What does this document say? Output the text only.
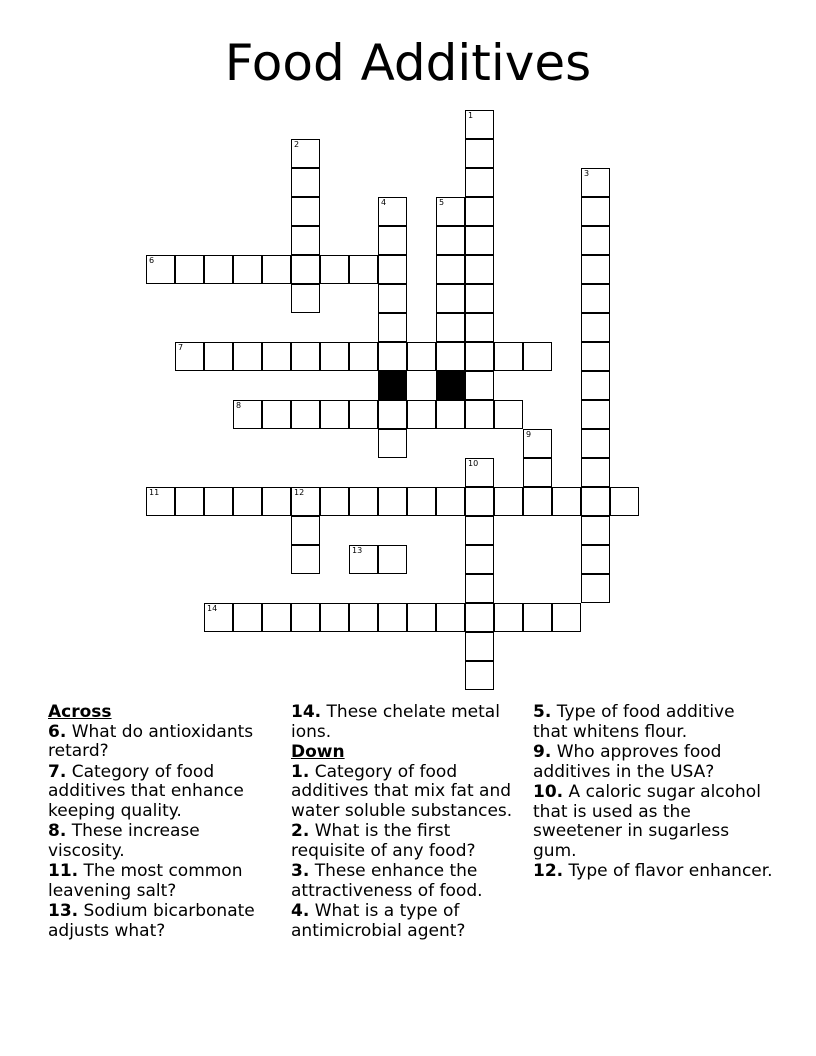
Food Additives
1
2
3
4	5
6
7
8
9
10
11	12
13
14
Across
6. What do antioxidants retard?
7. Category of food additives that enhance keeping quality.
8. These increase viscosity.
11. The most common leavening salt?
13. Sodium bicarbonate adjusts what?
14. These chelate metal ions.
Down
1. Category of food additives that mix fat and water soluble substances.
2. What is the first requisite of any food?
3. These enhance the attractiveness of food.
4. What is a type of antimicrobial agent?
5. Type of food additive that whitens flour.
9. Who approves food additives in the USA?
10. A caloric sugar alcohol that is used as the sweetener in sugarless gum.
12. Type of flavor enhancer.
